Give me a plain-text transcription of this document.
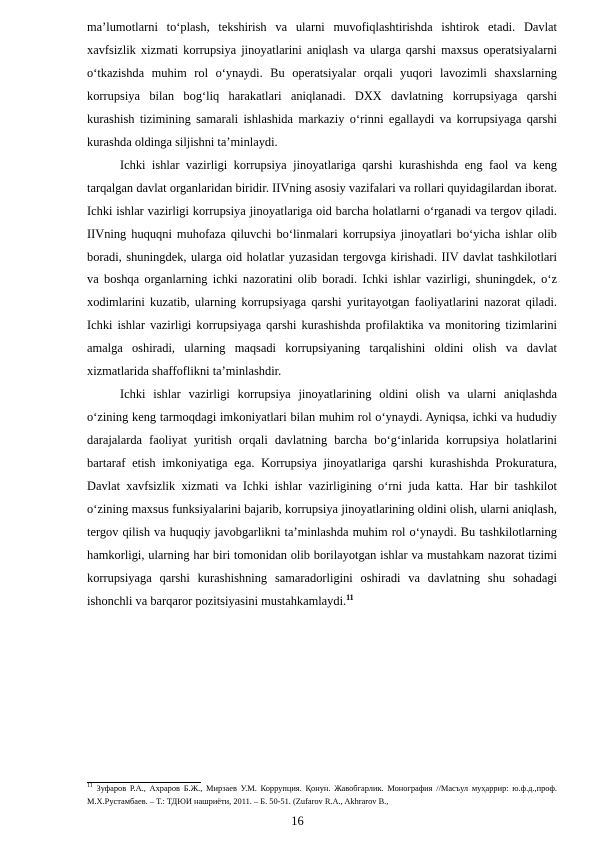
ma’lumotlarni to‘plash, tekshirish va ularni muvofiqlashtirishda ishtirok etadi. Davlat xavfsizlik xizmati korrupsiya jinoyatlarini aniqlash va ularga qarshi maxsus operatsiyalarni o‘tkazishda muhim rol o‘ynaydi. Bu operatsiyalar orqali yuqori lavozimli shaxslarning korrupsiya bilan bog‘liq harakatlari aniqlanadi. DXX davlatning korrupsiyaga qarshi kurashish tizimining samarali ishlashida markaziy o‘rinni egallaydi va korrupsiyaga qarshi kurashda oldinga siljishni ta’minlaydi.

Ichki ishlar vazirligi korrupsiya jinoyatlariga qarshi kurashishda eng faol va keng tarqalgan davlat organlaridan biridir. IIVning asosiy vazifalari va rollari quyidagilardan iborat. Ichki ishlar vazirligi korrupsiya jinoyatlariga oid barcha holatlarni o‘rganadi va tergov qiladi. IIVning huquqni muhofaza qiluvchi bo‘linmalari korrupsiya jinoyatlari bo‘yicha ishlar olib boradi, shuningdek, ularga oid holatlar yuzasidan tergovga kirishadi. IIV davlat tashkilotlari va boshqa organlarning ichki nazoratini olib boradi. Ichki ishlar vazirligi, shuningdek, o‘z xodimlarini kuzatib, ularning korrupsiyaga qarshi yuritayotgan faoliyatlarini nazorat qiladi. Ichki ishlar vazirligi korrupsiyaga qarshi kurashishda profilaktika va monitoring tizimlarini amalga oshiradi, ularning maqsadi korrupsiyaning tarqalishini oldini olish va davlat xizmatlarida shaffoflikni ta’minlashdir.

Ichki ishlar vazirligi korrupsiya jinoyatlarining oldini olish va ularni aniqlashda o‘zining keng tarmoqdagi imkoniyatlari bilan muhim rol o‘ynaydi. Ayniqsa, ichki va hududiy darajalarda faoliyat yuritish orqali davlatning barcha bo‘g‘inlarida korrupsiya holatlarini bartaraf etish imkoniyatiga ega. Korrupsiya jinoyatlariga qarshi kurashishda Prokuratura, Davlat xavfsizlik xizmati va Ichki ishlar vazirligining o‘rni juda katta. Har bir tashkilot o‘zining maxsus funksiyalarini bajarib, korrupsiya jinoyatlarining oldini olish, ularni aniqlash, tergov qilish va huquqiy javobgarlikni ta’minlashda muhim rol o‘ynaydi. Bu tashkilotlarning hamkorligi, ularning har biri tomonidan olib borilayotgan ishlar va mustahkam nazorat tizimi korrupsiyaga qarshi kurashishning samaradorligini oshiradi va davlatning shu sohadagi ishonchli va barqaror pozitsiyasini mustahkamlaydi.$^{11}$

$^{11}$ Зуфаров Р.А., Ахраров Б.Ж., Мирзаев У.М. Коррупция. Қонун. Жавобгарлик. Монография //Масъул муҳаррир: ю.ф.д.,проф. М.Х.Рустамбаев. – Т.: ТДЮИ нашриёти, 2011. – Б. 50-51. (Zufarov R.A., Akhrarov B.,

16
